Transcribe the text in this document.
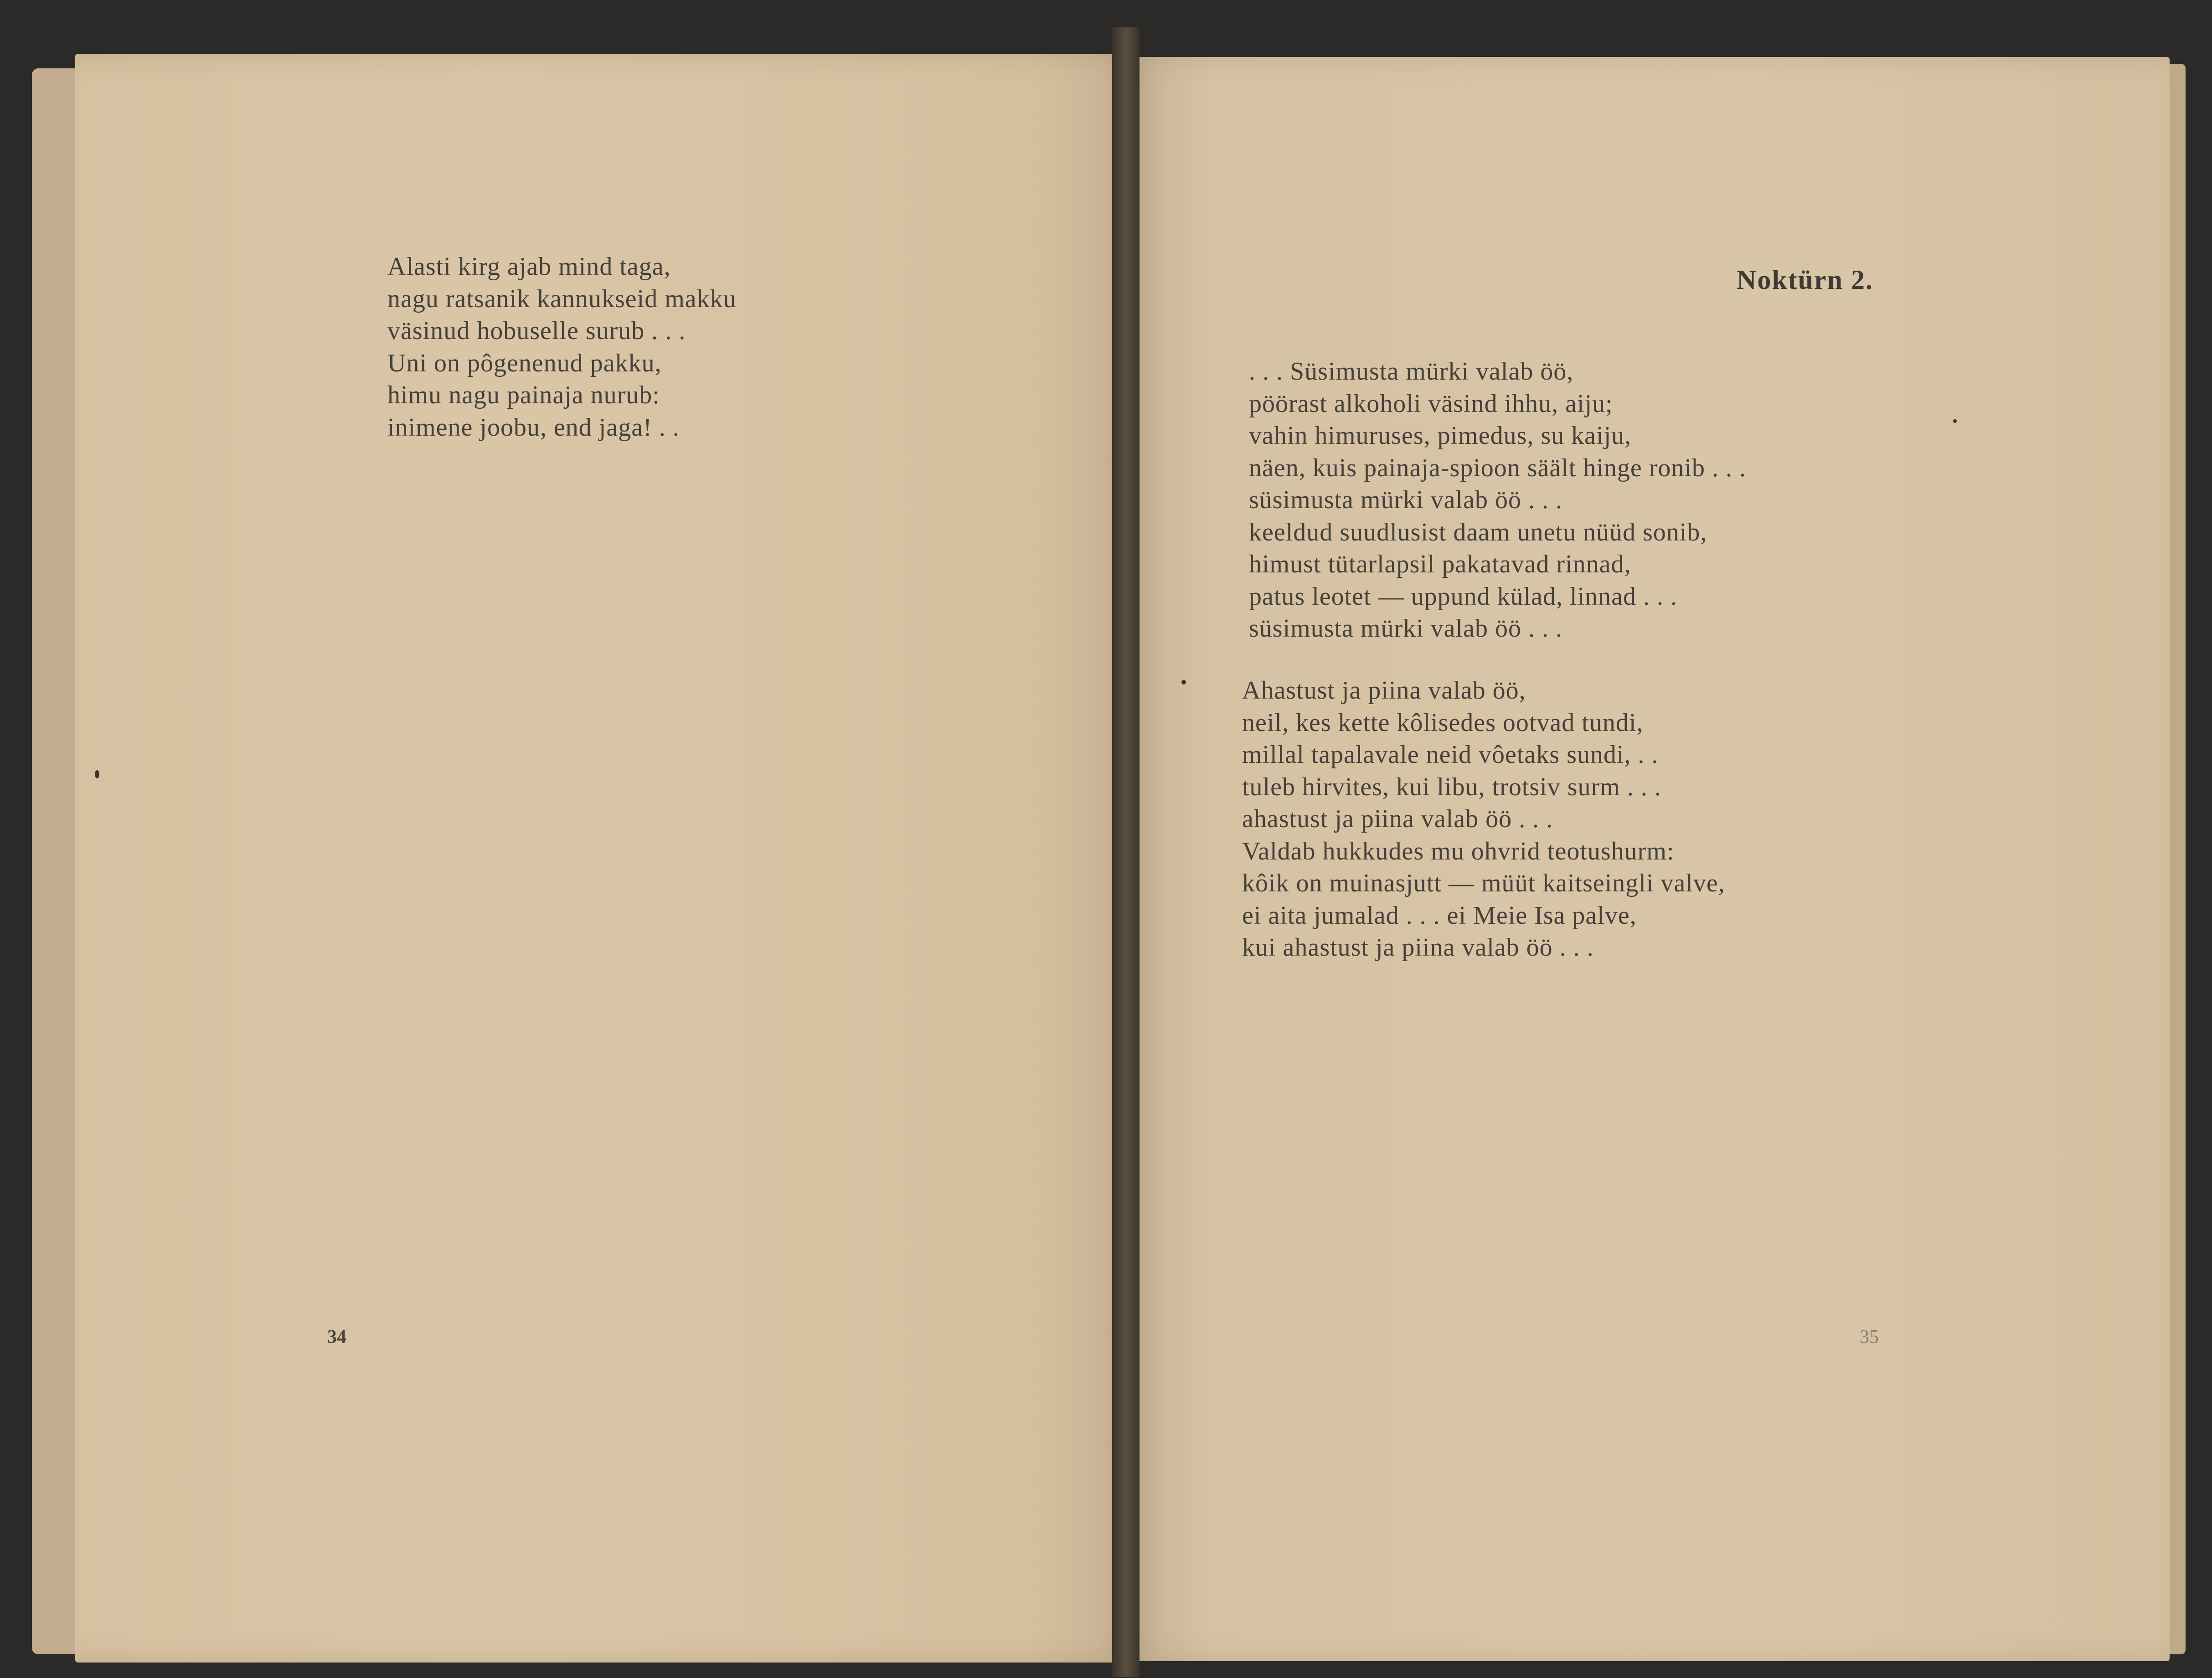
Alasti kirg ajab mind taga,
nagu ratsanik kannukseid makku
väsinud hobuselle surub . . .
Uni on pôgenenud pakku,
himu nagu painaja nurub:
inimene joobu, end jaga! . .
34
Noktürn 2.
. . . Süsimusta mürki valab öö,
pöörast alkoholi väsind ihhu, aiju;
vahin himuruses, pimedus, su kaiju,
näen, kuis painaja-spioon säält hinge ronib . . .
süsimusta mürki valab öö . . .
keeldud suudlusist daam unetu nüüd sonib,
himust tütarlapsil pakatavad rinnad,
patus leotet — uppund külad, linnad . . .
süsimusta mürki valab öö . . .
Ahastust ja piina valab öö,
neil, kes kette kôlisedes ootvad tundi,
millal tapalavale neid vôetaks sundi, . .
tuleb hirvites, kui libu, trotsiv surm . . .
ahastust ja piina valab öö . . .
Valdab hukkudes mu ohvrid teotushurm:
kôik on muinasjutt — müüt kaitseingli valve,
ei aita jumalad . . . ei Meie Isa palve,
kui ahastust ja piina valab öö . . .
35
